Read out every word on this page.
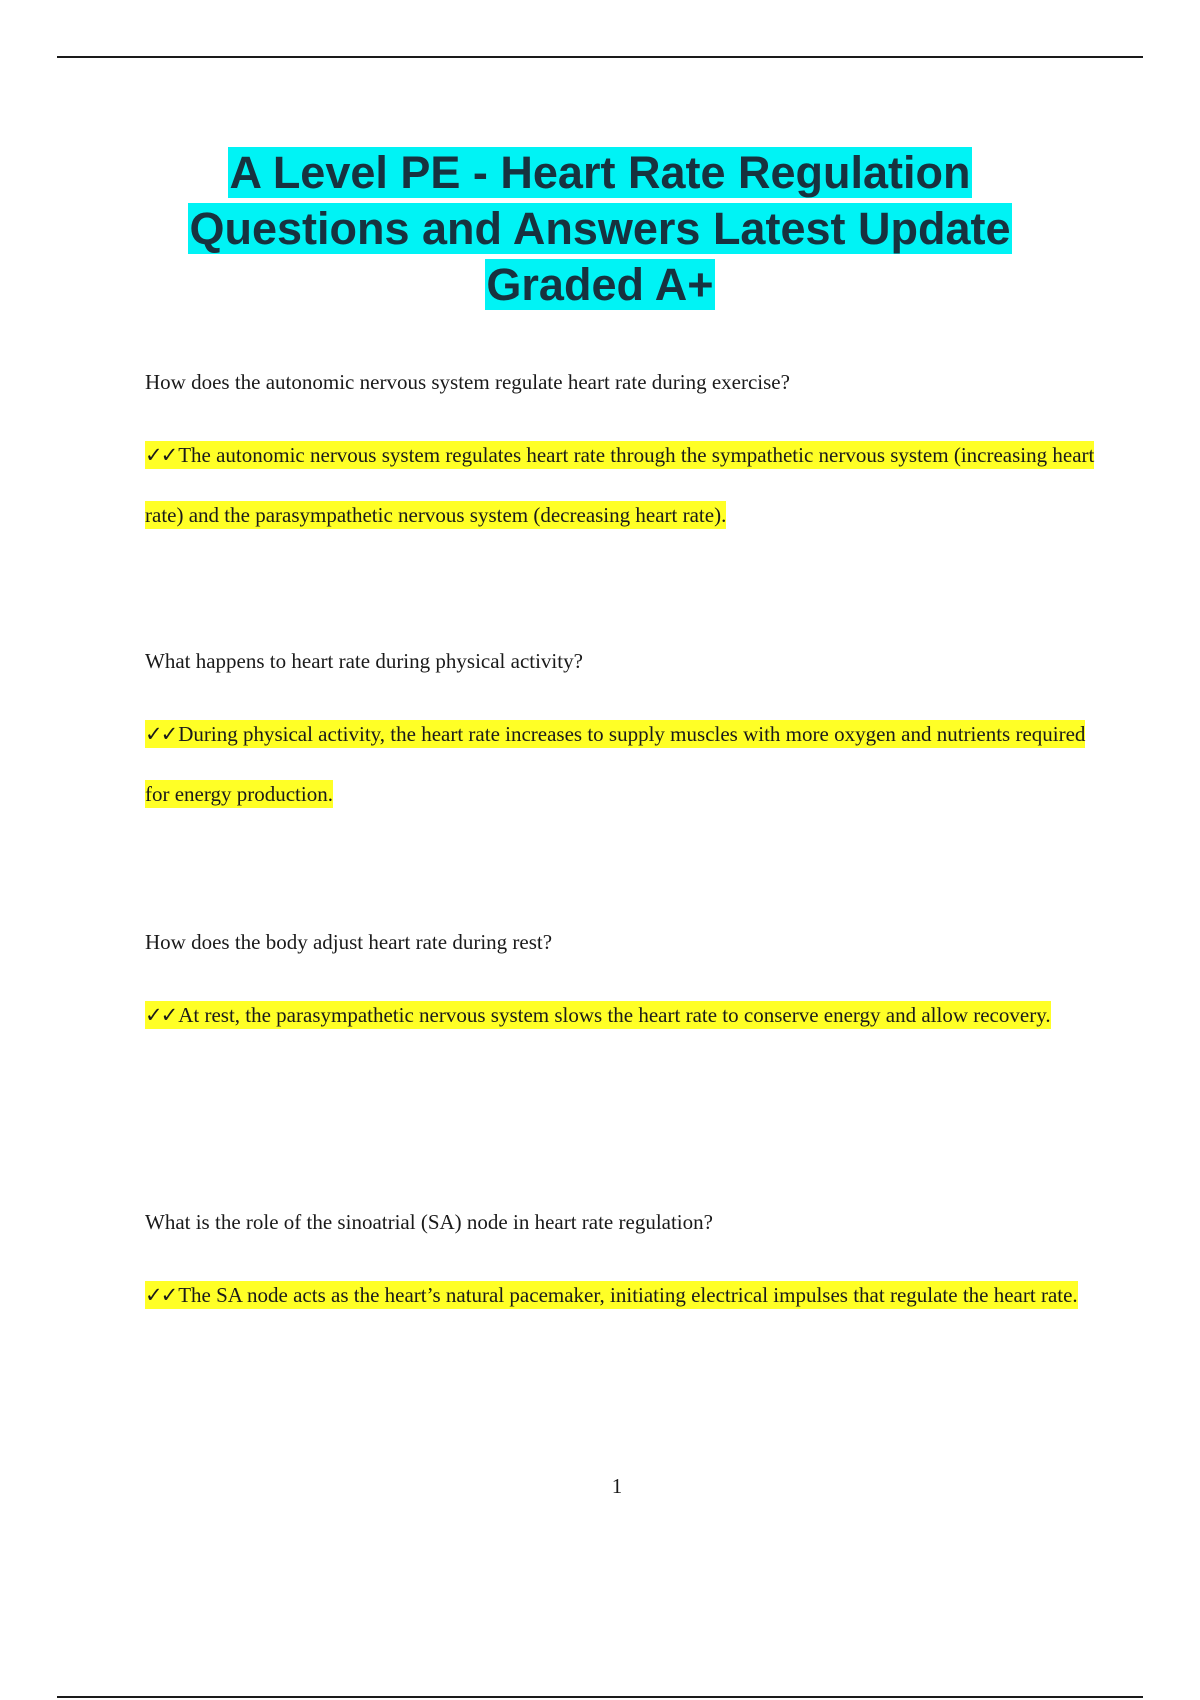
A Level PE - Heart Rate Regulation
Questions and Answers Latest Update
Graded A+

How does the autonomic nervous system regulate heart rate during exercise?

✓✓The autonomic nervous system regulates heart rate through the sympathetic nervous system (increasing heart rate) and the parasympathetic nervous system (decreasing heart rate).

What happens to heart rate during physical activity?

✓✓During physical activity, the heart rate increases to supply muscles with more oxygen and nutrients required for energy production.

How does the body adjust heart rate during rest?

✓✓At rest, the parasympathetic nervous system slows the heart rate to conserve energy and allow recovery.

What is the role of the sinoatrial (SA) node in heart rate regulation?

✓✓The SA node acts as the heart’s natural pacemaker, initiating electrical impulses that regulate the heart rate.

1
